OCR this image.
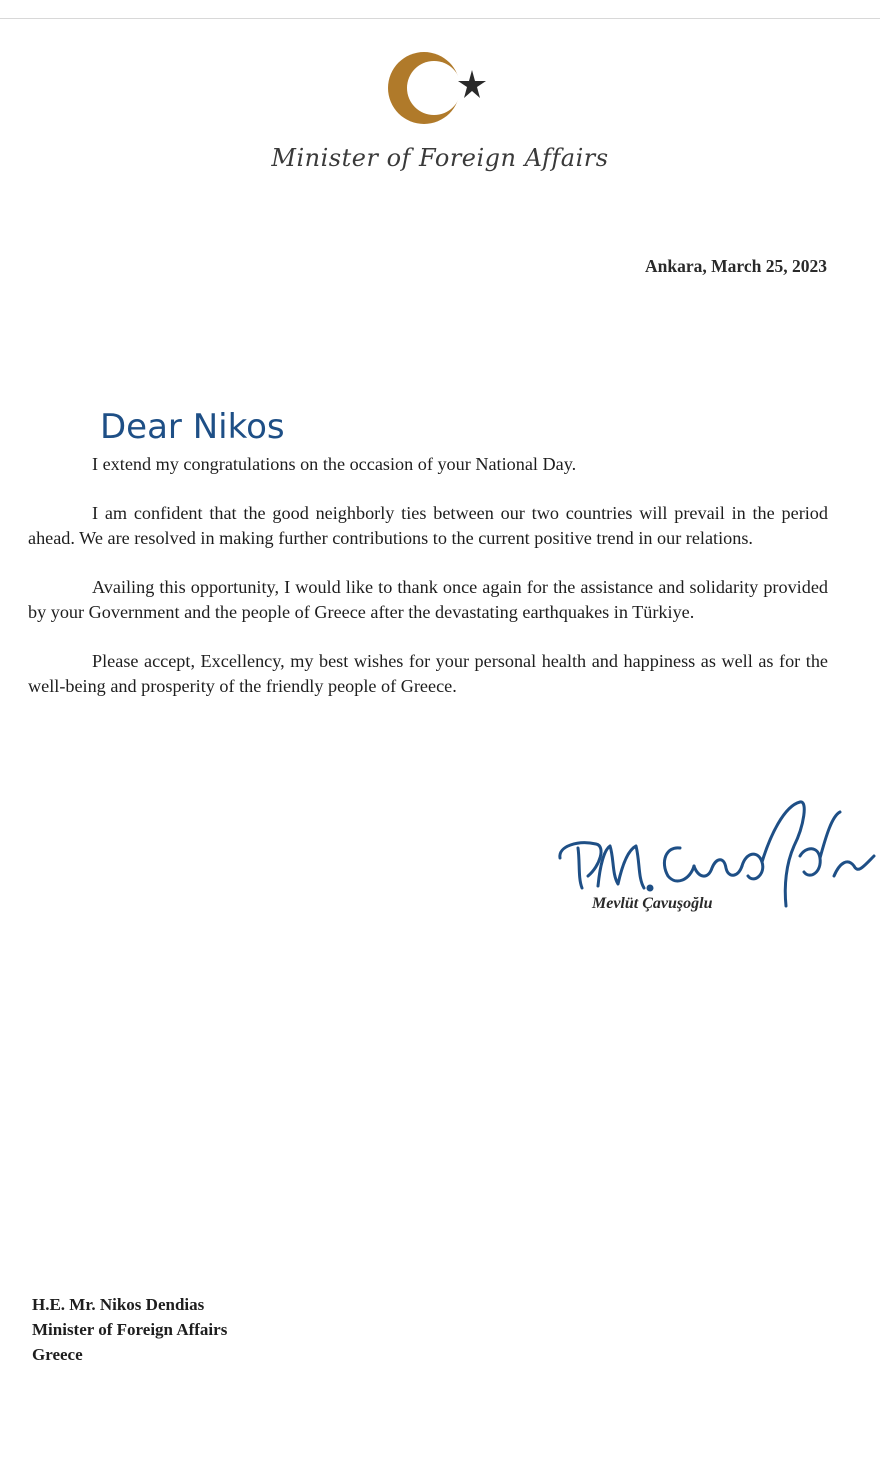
Minister of Foreign Affairs
Ankara, March 25, 2023
Dear Nikos

I extend my congratulations on the occasion of your National Day.

I am confident that the good neighborly ties between our two countries will prevail in the period ahead. We are resolved in making further contributions to the current positive trend in our relations.

Availing this opportunity, I would like to thank once again for the assistance and solidarity provided by your Government and the people of Greece after the devastating earthquakes in Türkiye.

Please accept, Excellency, my best wishes for your personal health and happiness as well as for the well-being and prosperity of the friendly people of Greece.

Mevlüt Çavuşoğlu
H.E. Mr. Nikos Dendias
Minister of Foreign Affairs
Greece
